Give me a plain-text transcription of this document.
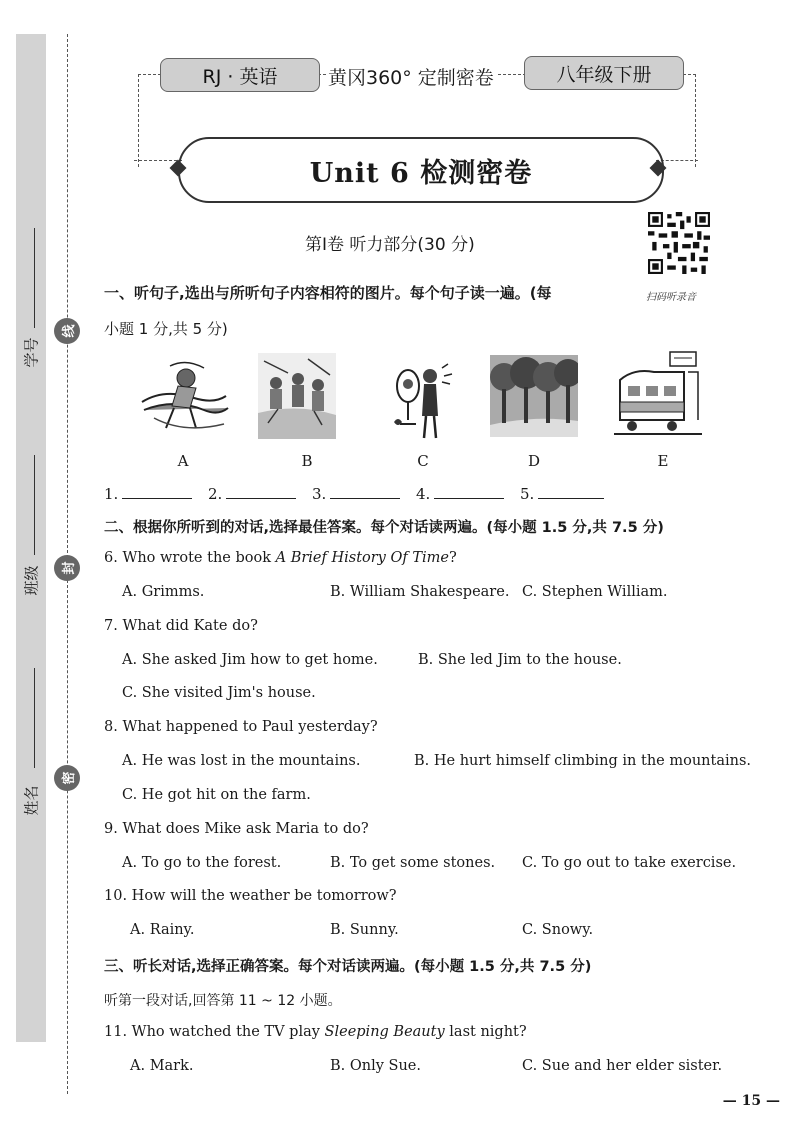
线
封
密
学号
班级
姓名
RJ · 英语	黄冈360° 定制密卷	八年级下册
Unit 6 检测密卷
第Ⅰ卷 听力部分(30 分)
扫码听录音
一、听句子,选出与所听句子内容相符的图片。每个句子读一遍。(每
小题 1 分,共 5 分)
A	B	C	D	E
1.	2.	3.	4.	5.
二、根据你所听到的对话,选择最佳答案。每个对话读两遍。(每小题 1.5 分,共 7.5 分)
6. Who wrote the book A Brief History Of Time?
A. Grimms.	B. William Shakespeare. C. Stephen William.
7. What did Kate do?
A. She asked Jim how to get home.	B. She led Jim to the house.
C. She visited Jim's house.
8. What happened to Paul yesterday?
A. He was lost in the mountains.	B. He hurt himself climbing in the mountains.
C. He got hit on the farm.
9. What does Mike ask Maria to do?
A. To go to the forest.	B. To get some stones. C. To go out to take exercise.
10. How will the weather be tomorrow?
A. Rainy.	B. Sunny.	C. Snowy.
三、听长对话,选择正确答案。每个对话读两遍。(每小题 1.5 分,共 7.5 分)
听第一段对话,回答第 11 ~ 12 小题。
11. Who watched the TV play Sleeping Beauty last night?
A. Mark.	B. Only Sue.	C. Sue and her elder sister.
— 15 —
